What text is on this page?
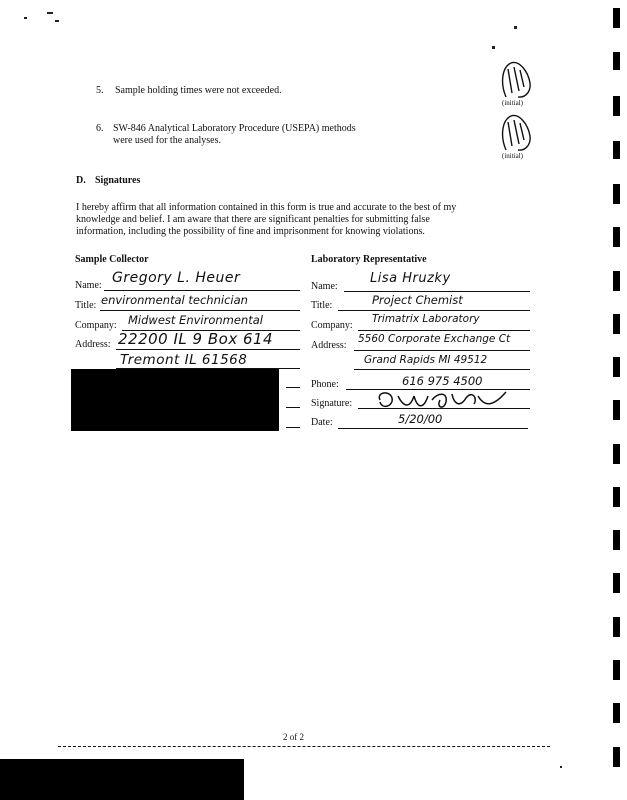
5. Sample holding times were not exceeded.
(initial)
6. SW-846 Analytical Laboratory Procedure (USEPA) methods
were used for the analyses.
(initial)
D. Signatures
I hereby affirm that all information contained in this form is true and accurate to the best of my
knowledge and belief. I am aware that there are significant penalties for submitting false
information, including the possibility of fine and imprisonment for knowing violations.
Sample Collector
Name: Gregory L. Heuer
Title: environmental technician
Company: Midwest Environmental
Address: 22200 IL 9 Box 614
Tremont IL 61568
Laboratory Representative
Name:
Lisa Hruzky
Title:	Project Chemist
Company:
Trimatrix Laboratory
Address:
5560 Corporate Exchange Ct
Grand Rapids MI 49512
Phone:	616 975 4500
Signature:
Date:	5/20/00
2 of 2
